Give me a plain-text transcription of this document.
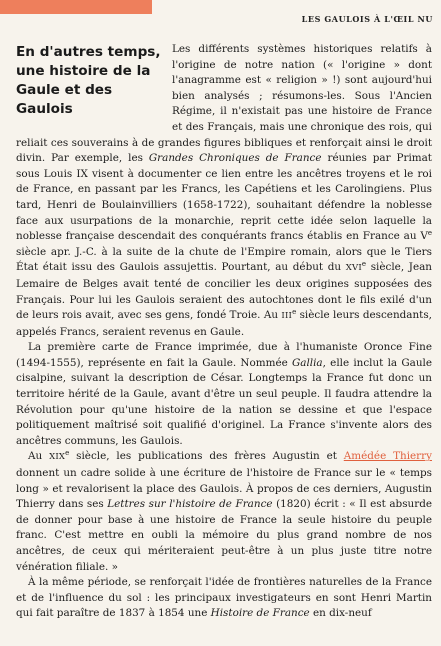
LES GAULOIS À L'ŒIL NU
En d'autres temps, une histoire de la Gaule et des Gaulois

Les différents systèmes historiques relatifs à l'origine de notre nation (« l'origine » dont l'anagramme est « religion » !) sont aujourd'hui bien analysés ; résumons-les. Sous l'Ancien Régime, il n'existait pas une histoire de France et des Français, mais une chronique des rois, qui reliait ces souverains à de grandes figures bibliques et renforçait ainsi le droit divin. Par exemple, les Grandes Chroniques de France réunies par Primat sous Louis IX visent à documenter ce lien entre les ancêtres troyens et le roi de France, en passant par les Francs, les Capétiens et les Carolingiens. Plus tard, Henri de Boulainvilliers (1658-1722), souhaitant défendre la noblesse face aux usurpations de la monarchie, reprit cette idée selon laquelle la noblesse française descendait des conquérants francs établis en France au Ve siècle apr. J.-C. à la suite de la chute de l'Empire romain, alors que le Tiers État était issu des Gaulois assujettis. Pourtant, au début du XVIe siècle, Jean Lemaire de Belges avait tenté de concilier les deux origines supposées des Français. Pour lui les Gaulois seraient des autochtones dont le fils exilé d'un de leurs rois avait, avec ses gens, fondé Troie. Au IIIe siècle leurs descendants, appelés Francs, seraient revenus en Gaule.

La première carte de France imprimée, due à l'humaniste Oronce Fine (1494-1555), représente en fait la Gaule. Nommée Gallia, elle inclut la Gaule cisalpine, suivant la description de César. Longtemps la France fut donc un territoire hérité de la Gaule, avant d'être un seul peuple. Il faudra attendre la Révolution pour qu'une histoire de la nation se dessine et que l'espace politiquement maîtrisé soit qualifié d'originel. La France s'invente alors des ancêtres communs, les Gaulois.

Au XIXe siècle, les publications des frères Augustin et Amédée Thierry donnent un cadre solide à une écriture de l'histoire de France sur le « temps long » et revalorisent la place des Gaulois. À propos de ces derniers, Augustin Thierry dans ses Lettres sur l'histoire de France (1820) écrit : « Il est absurde de donner pour base à une histoire de France la seule histoire du peuple franc. C'est mettre en oubli la mémoire du plus grand nombre de nos ancêtres, de ceux qui mériteraient peut-être à un plus juste titre notre vénération filiale. »

À la même période, se renforçait l'idée de frontières naturelles de la France et de l'influence du sol : les principaux investigateurs en sont Henri Martin qui fait paraître de 1837 à 1854 une Histoire de France en dix-neuf
